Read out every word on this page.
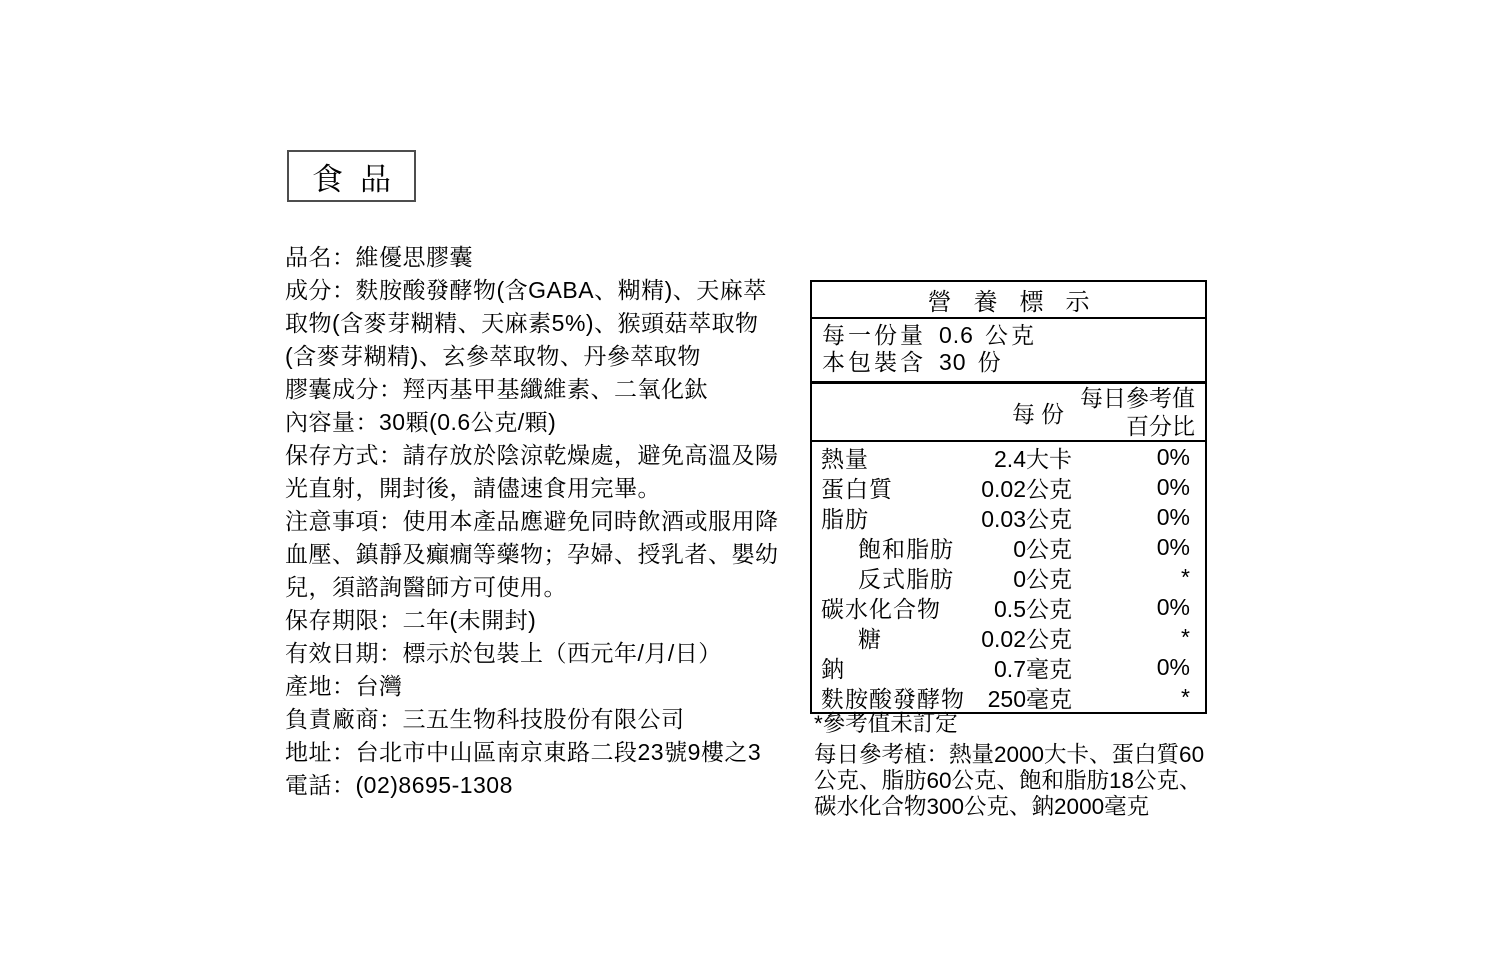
食品

品名：維優思膠囊

成分：麩胺酸發酵物(含GABA、糊精)、天麻萃取物(含麥芽糊精、天麻素5%)、猴頭菇萃取物(含麥芽糊精)、玄參萃取物、丹參萃取物

膠囊成分：羥丙基甲基纖維素、二氧化鈦

內容量：30顆(0.6公克/顆)

保存方式：請存放於陰涼乾燥處，避免高溫及陽光直射，開封後，請儘速食用完畢。

注意事項：使用本產品應避免同時飲酒或服用降血壓、鎮靜及癲癇等藥物；孕婦、授乳者、嬰幼兒，須諮詢醫師方可使用。

保存期限：二年(未開封)

有效日期：標示於包裝上（西元年/月/日）

產地：台灣

負責廠商：三五生物科技股份有限公司

地址：台北市中山區南京東路二段23號9樓之3

電話：(02)8695-1308

營養標示
每一份量 0.6 公克
本包裝含 30 份
每份
每日參考值
百分比
熱量	2.4大卡	0%
蛋白質	0.02公克	0%
脂肪	0.03公克	0%
飽和脂肪	0公克	0%
反式脂肪	0公克	*
碳水化合物	0.5公克	0%
糖	0.02公克	*
鈉	0.7毫克	0%
麩胺酸發酵物 250毫克	*

*參考值未訂定

每日參考植：熱量2000大卡、蛋白質60公克、脂肪60公克、飽和脂肪18公克、碳水化合物300公克、鈉2000毫克
